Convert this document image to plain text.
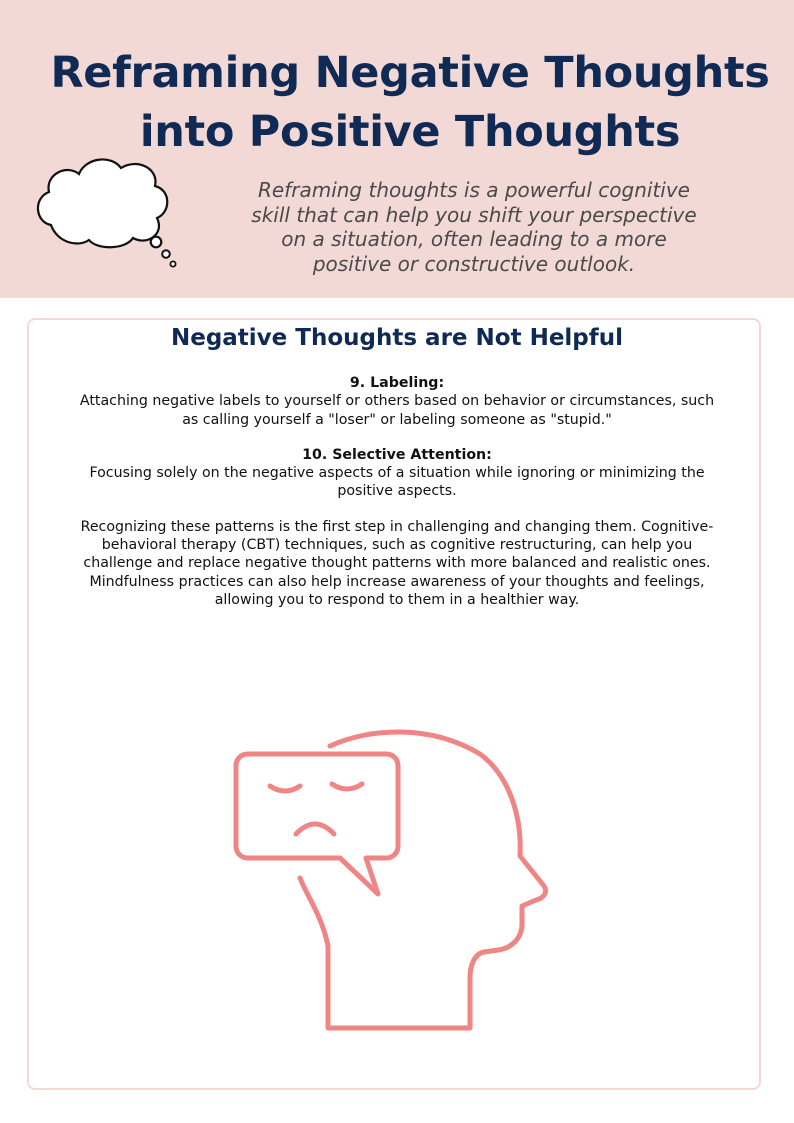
Reframing Negative Thoughts
into Positive Thoughts

Reframing thoughts is a powerful cognitive
skill that can help you shift your perspective
on a situation, often leading to a more
positive or constructive outlook.

Negative Thoughts are Not Helpful
9. Labeling:
Attaching negative labels to yourself or others based on behavior or circumstances, such
as calling yourself a "loser" or labeling someone as "stupid."
10. Selective Attention:
Focusing solely on the negative aspects of a situation while ignoring or minimizing the
positive aspects.
Recognizing these patterns is the first step in challenging and changing them. Cognitive-
behavioral therapy (CBT) techniques, such as cognitive restructuring, can help you
challenge and replace negative thought patterns with more balanced and realistic ones.
Mindfulness practices can also help increase awareness of your thoughts and feelings,
allowing you to respond to them in a healthier way.
